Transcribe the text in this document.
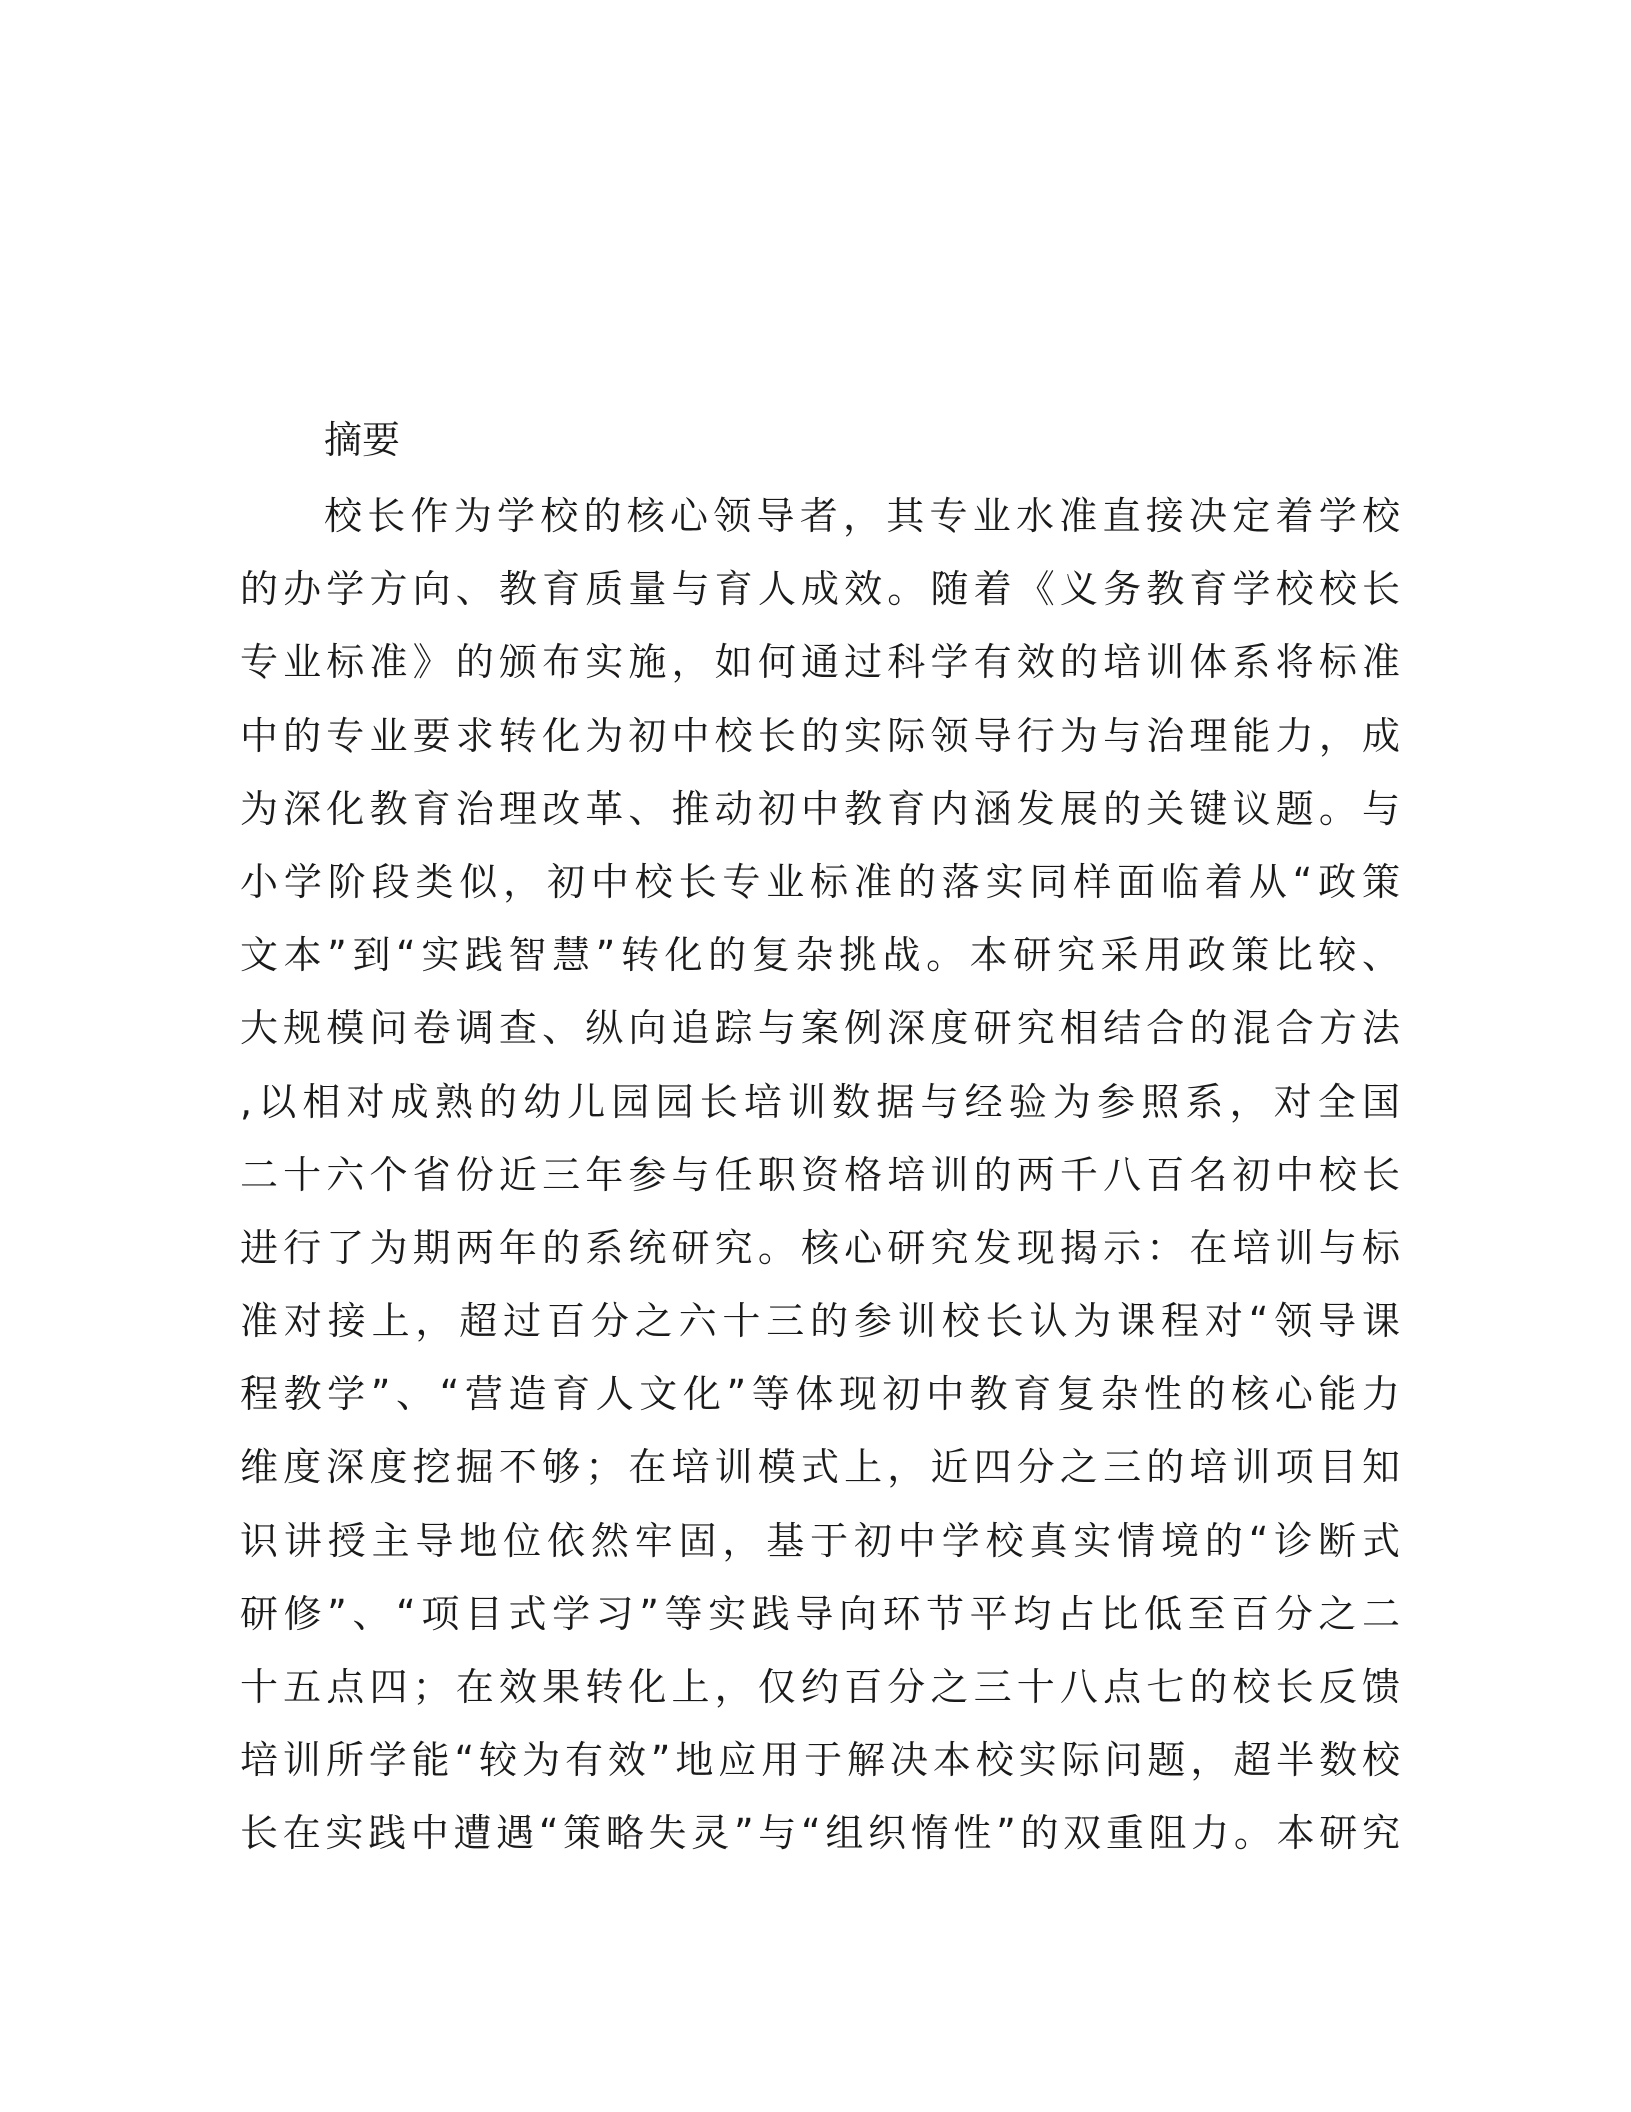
摘要
校长作为学校的核心领导者，其专业水准直接决定着学校
的办学方向、教育质量与育人成效。随着《义务教育学校校长
专业标准》的颁布实施，如何通过科学有效的培训体系将标准
中的专业要求转化为初中校长的实际领导行为与治理能力，成
为深化教育治理改革、推动初中教育内涵发展的关键议题。与
小学阶段类似，初中校长专业标准的落实同样面临着从“政策
文本”到“实践智慧”转化的复杂挑战。本研究采用政策比较、
大规模问卷调查、纵向追踪与案例深度研究相结合的混合方法
,以相对成熟的幼儿园园长培训数据与经验为参照系，对全国
二十六个省份近三年参与任职资格培训的两千八百名初中校长
进行了为期两年的系统研究。核心研究发现揭示：在培训与标
准对接上，超过百分之六十三的参训校长认为课程对“领导课
程教学”、“营造育人文化”等体现初中教育复杂性的核心能力
维度深度挖掘不够；在培训模式上，近四分之三的培训项目知
识讲授主导地位依然牢固，基于初中学校真实情境的“诊断式
研修”、“项目式学习”等实践导向环节平均占比低至百分之二
十五点四；在效果转化上，仅约百分之三十八点七的校长反馈
培训所学能“较为有效”地应用于解决本校实际问题，超半数校
长在实践中遭遇“策略失灵”与“组织惰性”的双重阻力。本研究
